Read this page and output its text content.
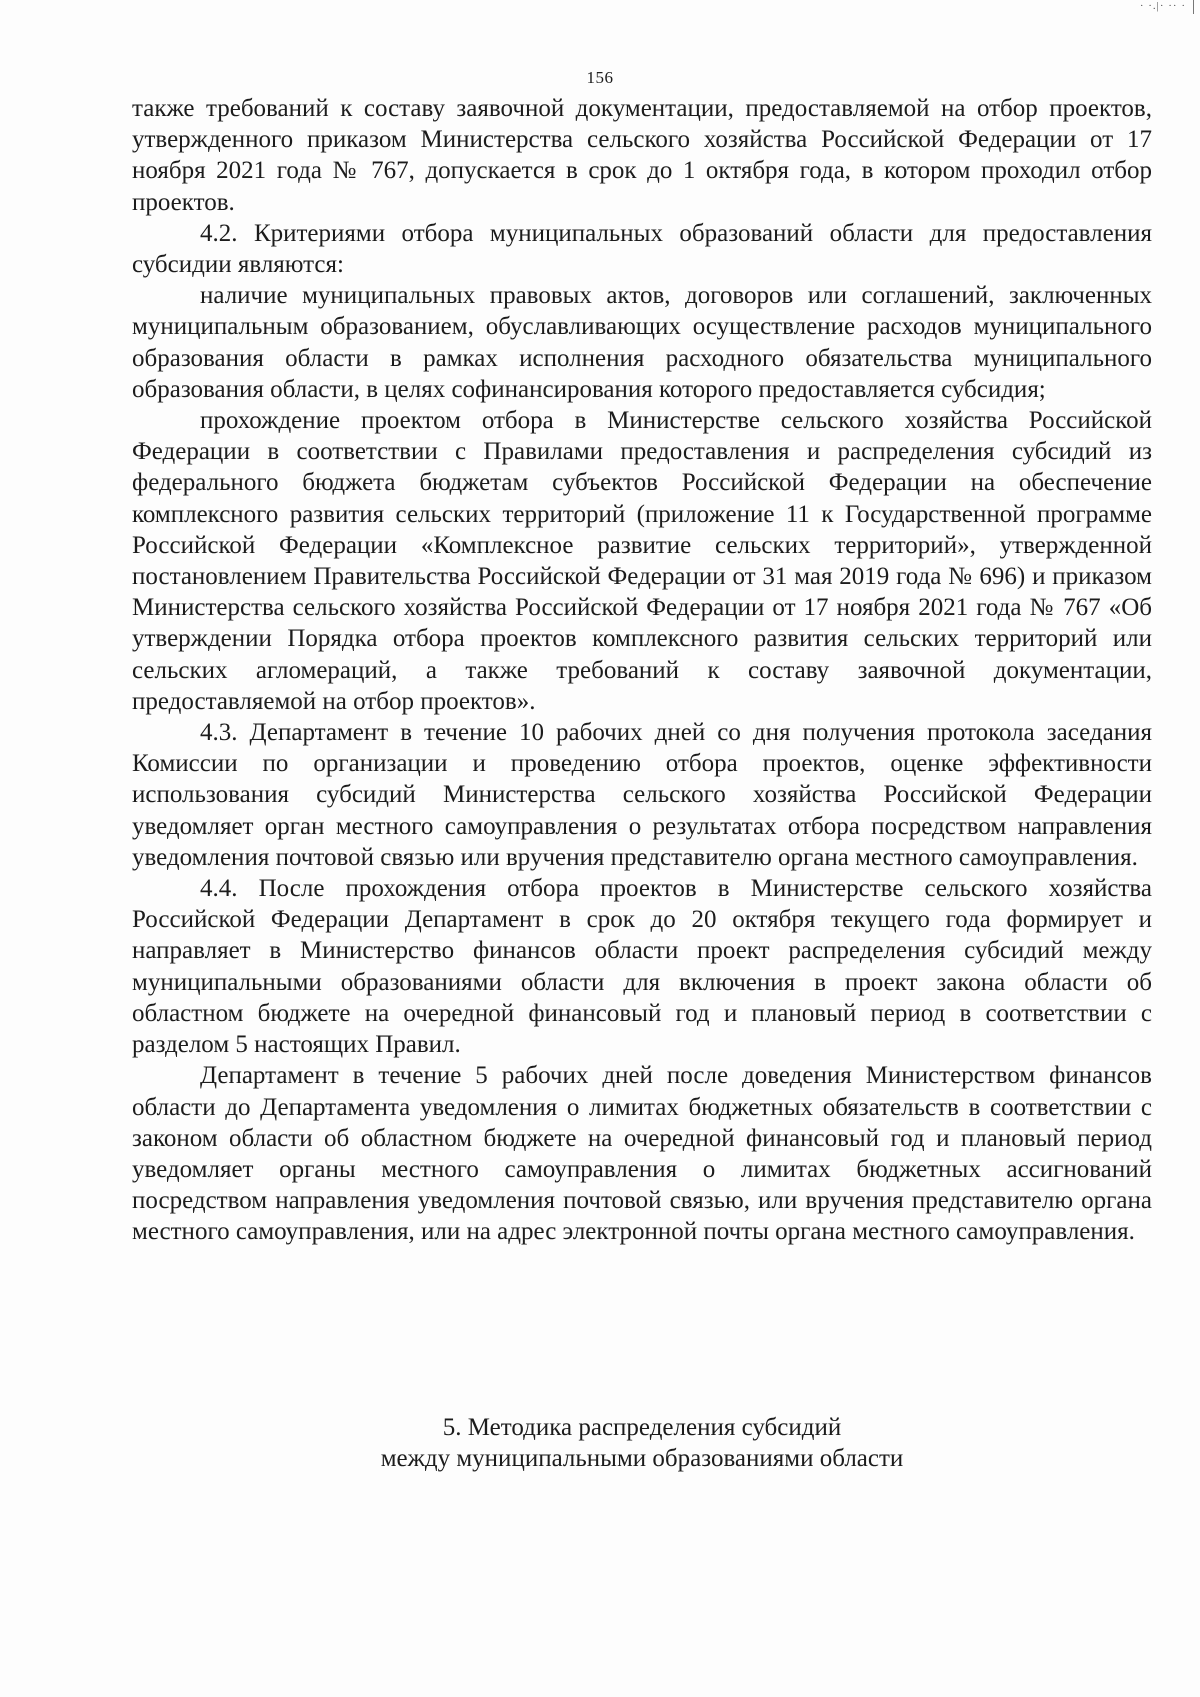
· ·.|· ·· ·
156

также требований к составу заявочной документации, предоставляемой на отбор проектов, утвержденного приказом Министерства сельского хозяйства Российской Федерации от 17 ноября 2021 года № 767, допускается в срок до 1 октября года, в котором проходил отбор проектов.

4.2. Критериями отбора муниципальных образований области для предоставления субсидии являются:

наличие муниципальных правовых актов, договоров или соглашений, заключенных муниципальным образованием, обуславливающих осуществление расходов муниципального образования области в рамках исполнения расходного обязательства муниципального образования области, в целях софинансирования которого предоставляется субсидия;

прохождение проектом отбора в Министерстве сельского хозяйства Российской Федерации в соответствии с Правилами предоставления и распределения субсидий из федерального бюджета бюджетам субъектов Российской Федерации на обеспечение комплексного развития сельских территорий (приложение 11 к Государственной программе Российской Федерации «Комплексное развитие сельских территорий», утвержденной постановлением Правительства Российской Федерации от 31 мая 2019 года № 696) и приказом Министерства сельского хозяйства Российской Федерации от 17 ноября 2021 года № 767 «Об утверждении Порядка отбора проектов комплексного развития сельских территорий или сельских агломераций, а также требований к составу заявочной документации, предоставляемой на отбор проектов».

4.3. Департамент в течение 10 рабочих дней со дня получения протокола заседания Комиссии по организации и проведению отбора проектов, оценке эффективности использования субсидий Министерства сельского хозяйства Российской Федерации уведомляет орган местного самоуправления о результатах отбора посредством направления уведомления почтовой связью или вручения представителю органа местного самоуправления.

4.4. После прохождения отбора проектов в Министерстве сельского хозяйства Российской Федерации Департамент в срок до 20 октября текущего года формирует и направляет в Министерство финансов области проект распределения субсидий между муниципальными образованиями области для включения в проект закона области об областном бюджете на очередной финансовый год и плановый период в соответствии с разделом 5 настоящих Правил.

Департамент в течение 5 рабочих дней после доведения Министерством финансов области до Департамента уведомления о лимитах бюджетных обязательств в соответствии с законом области об областном бюджете на очередной финансовый год и плановый период уведомляет органы местного самоуправления о лимитах бюджетных ассигнований посредством направления уведомления почтовой связью, или вручения представителю органа местного самоуправления, или на адрес электронной почты органа местного самоуправления.

5. Методика распределения субсидий
между муниципальными образованиями области
